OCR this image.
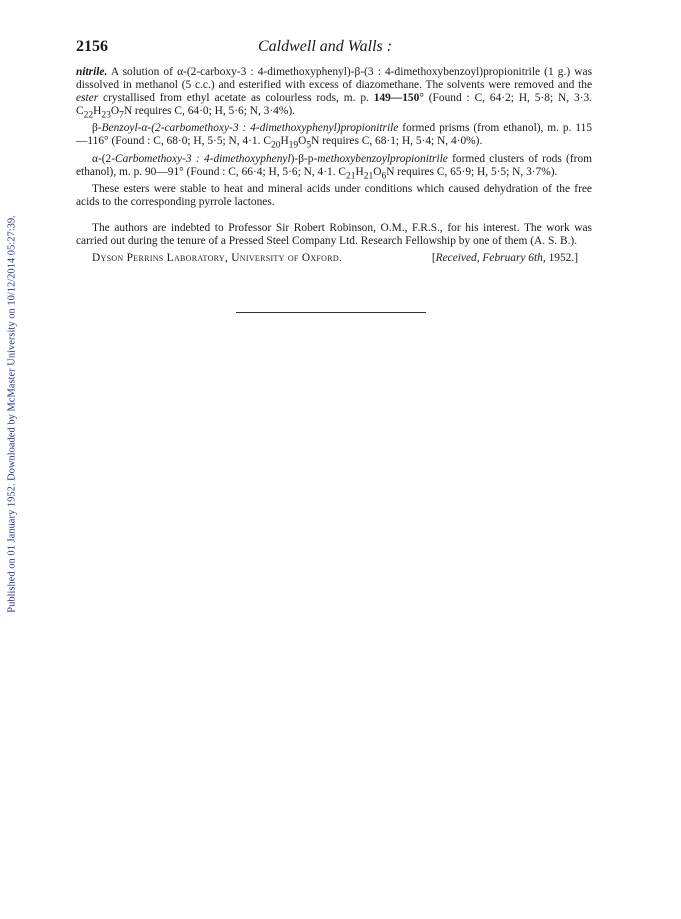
2156	Caldwell and Walls :
Published on 01 January 1952. Downloaded by McMaster University on 10/12/2014 05:27:39.

nitrile. A solution of α-(2-carboxy-3 : 4-dimethoxyphenyl)-β-(3 : 4-dimethoxybenzoyl)propionitrile (1 g.) was dissolved in methanol (5 c.c.) and esterified with excess of diazomethane. The solvents were removed and the ester crystallised from ethyl acetate as colourless rods, m. p. 149—150° (Found : C, 64·2; H, 5·8; N, 3·3. $C_{22}H_{23}O_7N$ requires C, 64·0; H, 5·6; N, 3·4%).

β-Benzoyl-α-(2-carbomethoxy-3 : 4-dimethoxyphenyl)propionitrile formed prisms (from ethanol), m. p. 115—116° (Found : C, 68·0; H, 5·5; N, 4·1. $C_{20}H_{19}O_5N$ requires C, 68·1; H, 5·4; N, 4·0%).

α-(2-Carbomethoxy-3 : 4-dimethoxyphenyl)-β-p-methoxybenzoylpropionitrile formed clusters of rods (from ethanol), m. p. 90—91° (Found : C, 66·4; H, 5·6; N, 4·1. $C_{21}H_{21}O_6N$ requires C, 65·9; H, 5·5; N, 3·7%).

These esters were stable to heat and mineral acids under conditions which caused dehydration of the free acids to the corresponding pyrrole lactones.

The authors are indebted to Professor Sir Robert Robinson, O.M., F.R.S., for his interest. The work was carried out during the tenure of a Pressed Steel Company Ltd. Research Fellowship by one of them (A. S. B.).

Dyson Perrins Laboratory, University of Oxford.	[Received, February 6th, 1952.]
